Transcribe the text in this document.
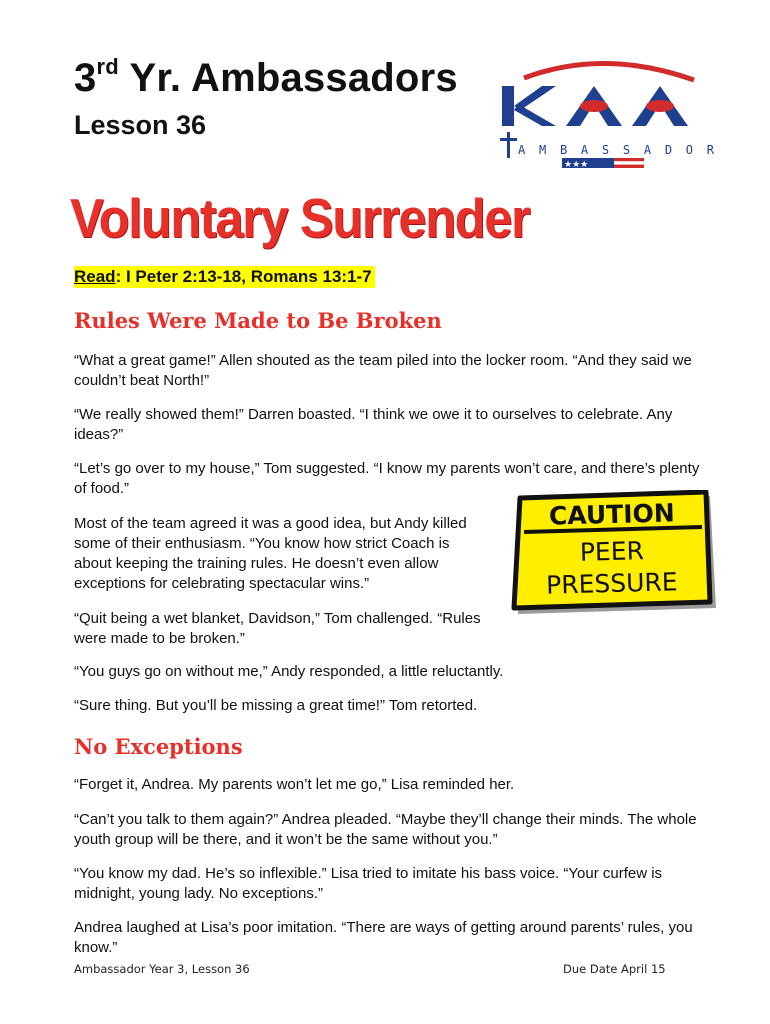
3rd Yr. Ambassadors
Lesson 36
AMBASSADOR
★★★
Voluntary Surrender
Read: I Peter 2:13-18, Romans 13:1-7
Rules Were Made to Be Broken
“What a great game!” Allen shouted as the team piled into the locker room. “And they said we couldn’t beat North!”
“We really showed them!” Darren boasted. “I think we owe it to ourselves to celebrate. Any ideas?”
“Let’s go over to my house,” Tom suggested. “I know my parents won’t care, and there’s plenty of food.”
Most of the team agreed it was a good idea, but Andy killed some of their enthusiasm. “You know how strict Coach is about keeping the training rules. He doesn’t even allow exceptions for celebrating spectacular wins.”
“Quit being a wet blanket, Davidson,” Tom challenged. “Rules were made to be broken.”
“You guys go on without me,” Andy responded, a little reluctantly.
“Sure thing. But you’ll be missing a great time!” Tom retorted.
CAUTION
PEER
PRESSURE
No Exceptions
“Forget it, Andrea. My parents won’t let me go,” Lisa reminded her.
“Can’t you talk to them again?” Andrea pleaded. “Maybe they’ll change their minds. The whole youth group will be there, and it won’t be the same without you.”
“You know my dad. He’s so inflexible.” Lisa tried to imitate his bass voice. “Your curfew is midnight, young lady. No exceptions.”
Andrea laughed at Lisa’s poor imitation. “There are ways of getting around parents’ rules, you know.”
Ambassador Year 3, Lesson 36	Due Date April 15
